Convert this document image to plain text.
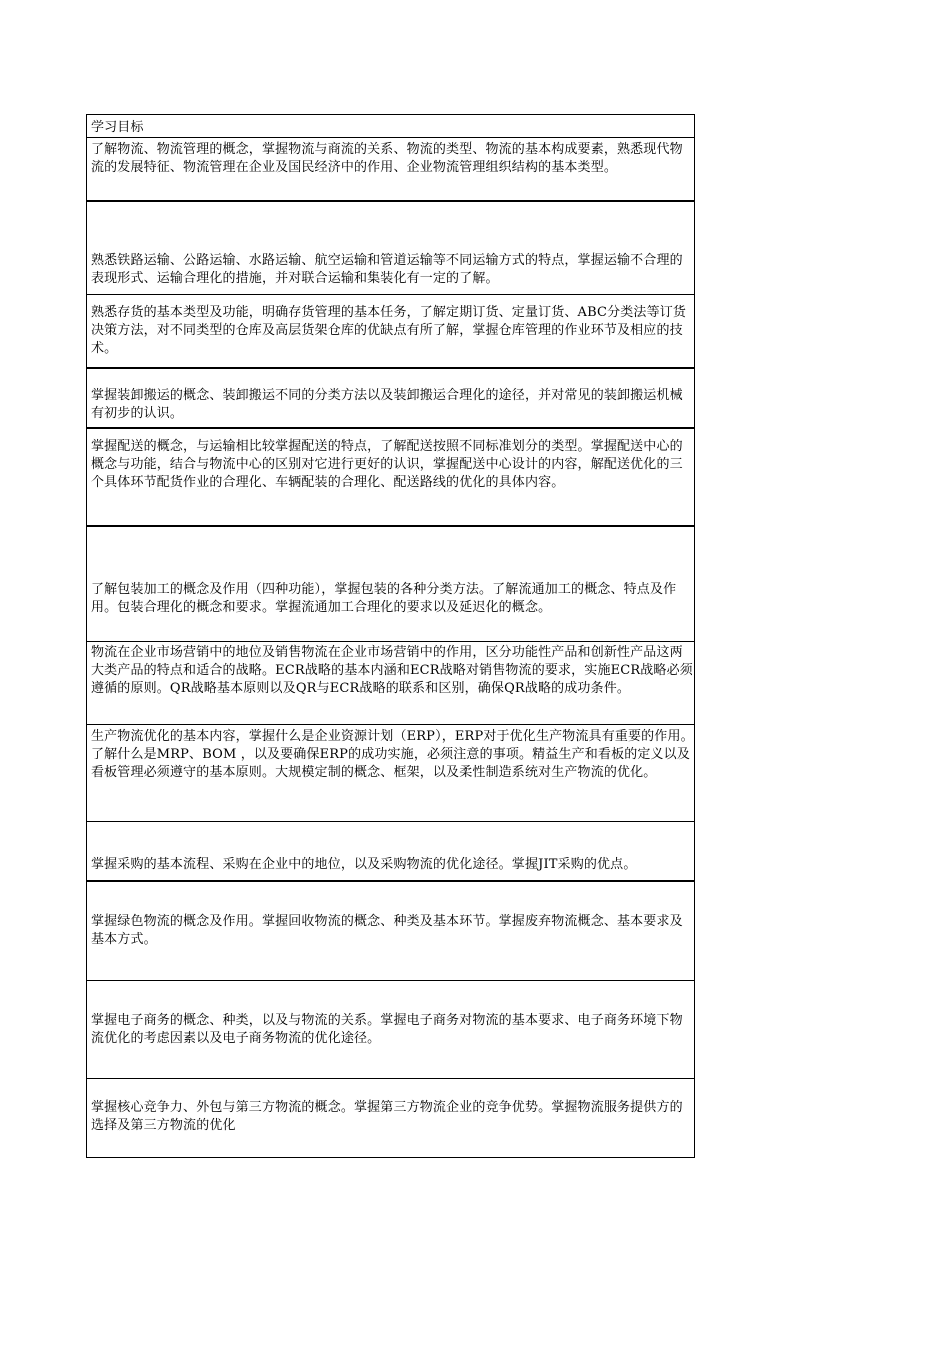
学习目标

了解物流、物流管理的概念，掌握物流与商流的关系、物流的类型、物流的基本构成要素，熟悉现代物流的发展特征、物流管理在企业及国民经济中的作用、企业物流管理组织结构的基本类型。

熟悉铁路运输、公路运输、水路运输、航空运输和管道运输等不同运输方式的特点，掌握运输不合理的表现形式、运输合理化的措施，并对联合运输和集装化有一定的了解。

熟悉存货的基本类型及功能，明确存货管理的基本任务，了解定期订货、定量订货、ABC分类法等订货决策方法，对不同类型的仓库及高层货架仓库的优缺点有所了解，掌握仓库管理的作业环节及相应的技术。

掌握装卸搬运的概念、装卸搬运不同的分类方法以及装卸搬运合理化的途径，并对常见的装卸搬运机械有初步的认识。

掌握配送的概念，与运输相比较掌握配送的特点，了解配送按照不同标准划分的类型。掌握配送中心的概念与功能，结合与物流中心的区别对它进行更好的认识，掌握配送中心设计的内容，解配送优化的三个具体环节配货作业的合理化、车辆配装的合理化、配送路线的优化的具体内容。

了解包装加工的概念及作用（四种功能），掌握包装的各种分类方法。了解流通加工的概念、特点及作用。包装合理化的概念和要求。掌握流通加工合理化的要求以及延迟化的概念。

物流在企业市场营销中的地位及销售物流在企业市场营销中的作用，区分功能性产品和创新性产品这两大类产品的特点和适合的战略。ECR战略的基本内涵和ECR战略对销售物流的要求，实施ECR战略必须遵循的原则。QR战略基本原则以及QR与ECR战略的联系和区别，确保QR战略的成功条件。

生产物流优化的基本内容，掌握什么是企业资源计划（ERP），ERP对于优化生产物流具有重要的作用。了解什么是MRP、BOM ，以及要确保ERP的成功实施，必须注意的事项。精益生产和看板的定义以及看板管理必须遵守的基本原则。大规模定制的概念、框架，以及柔性制造系统对生产物流的优化。

掌握采购的基本流程、采购在企业中的地位，以及采购物流的优化途径。掌握JIT采购的优点。

掌握绿色物流的概念及作用。掌握回收物流的概念、种类及基本环节。掌握废弃物流概念、基本要求及基本方式。

掌握电子商务的概念、种类，以及与物流的关系。掌握电子商务对物流的基本要求、电子商务环境下物流优化的考虑因素以及电子商务物流的优化途径。

掌握核心竞争力、外包与第三方物流的概念。掌握第三方物流企业的竞争优势。掌握物流服务提供方的选择及第三方物流的优化
